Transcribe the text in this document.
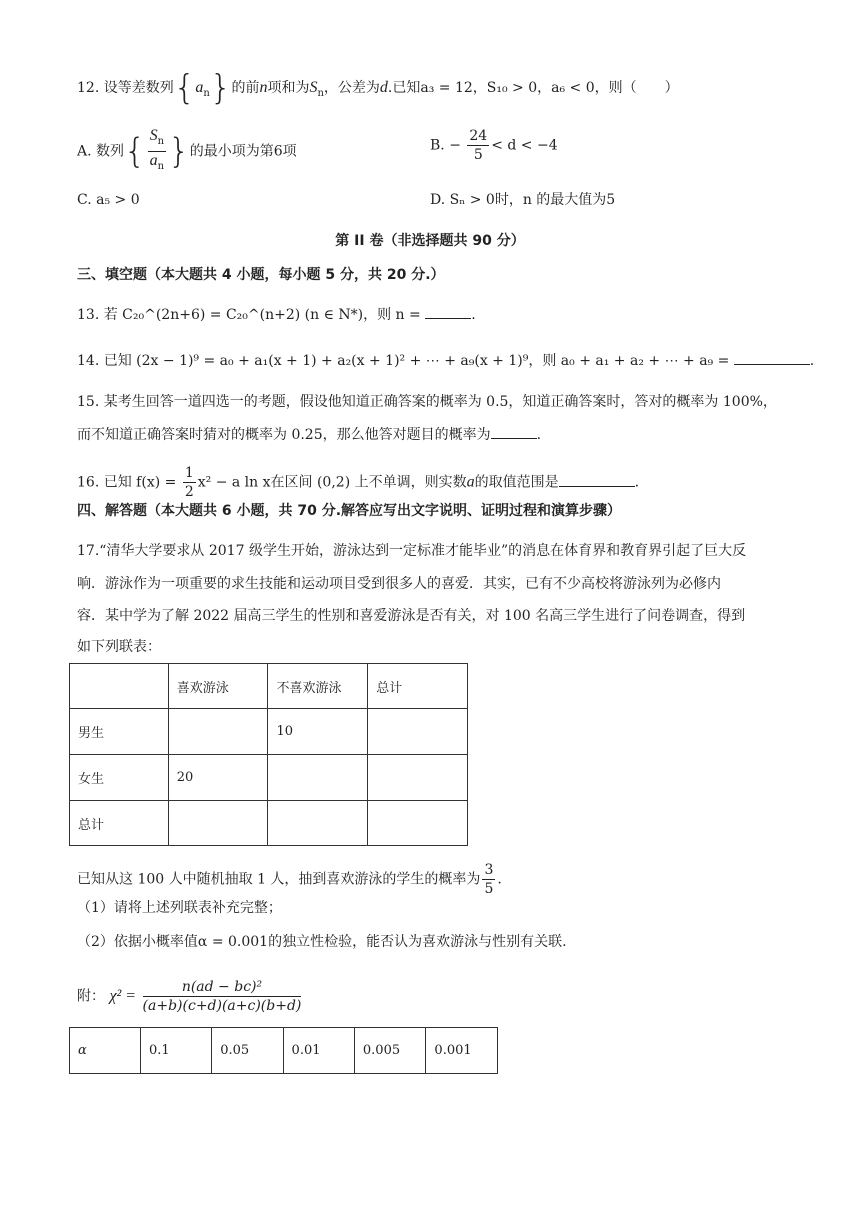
12. 设等差数列$\{a_n\}$的前n项和为$S_n$，公差为d.已知a₃ = 12，S₁₀ > 0，a₆ < 0，则（　　）
A. 数列{ $\frac{S_n}{a_n}$ }的最小项为第6项	B. − $\frac{24}{5} < d < -4$
C. a₅ > 0	D. Sₙ > 0时，n 的最大值为5
第 II 卷（非选择题共 90 分）
三、填空题（本大题共 4 小题，每小题 5 分，共 20 分.）
13. 若 C₂₀^(2n+6) = C₂₀^(n+2) (n ∈ N*)，则 n =	.
14. 已知 (2x − 1)⁹ = a₀ + a₁(x + 1) + a₂(x + 1)² + ⋯ + a₉(x + 1)⁹，则 a₀ + a₁ + a₂ + ⋯ + a₉ =	.
15. 某考生回答一道四选一的考题，假设他知道正确答案的概率为 0.5，知道正确答案时，答对的概率为 100%，
而不知道正确答案时猜对的概率为 0.25，那么他答对题目的概率为	.
16. 已知 $f(x) = \frac{1}{2} x^2 - a$ ln x在区间 (0,2) 上不单调，则实数a的取值范围是	.
四、解答题（本大题共 6 小题，共 70 分.解答应写出文字说明、证明过程和演算步骤）
17.“清华大学要求从 2017 级学生开始，游泳达到一定标准才能毕业”的消息在体育界和教育界引起了巨大反
响．游泳作为一项重要的求生技能和运动项目受到很多人的喜爱．其实，已有不少高校将游泳列为必修内
容．某中学为了解 2022 届高三学生的性别和喜爱游泳是否有关，对 100 名高三学生进行了问卷调查，得到
如下列联表：
	喜欢游泳	不喜欢游泳	总计
男生		10	
女生	20		
总计			
已知从这 100 人中随机抽取 1 人，抽到喜欢游泳的学生的概率为 $\frac{3}{5}$ .
（1）请将上述列联表补充完整；
（2）依据小概率值α = 0.001的独立性检验，能否认为喜欢游泳与性别有关联.
附： $\chi^2 = \frac{\text{n(ad − bc)²}}{(a+b)(c+d)(a+c)(b+d)}$
α	0.1	0.05	0.01	0.005	0.001
